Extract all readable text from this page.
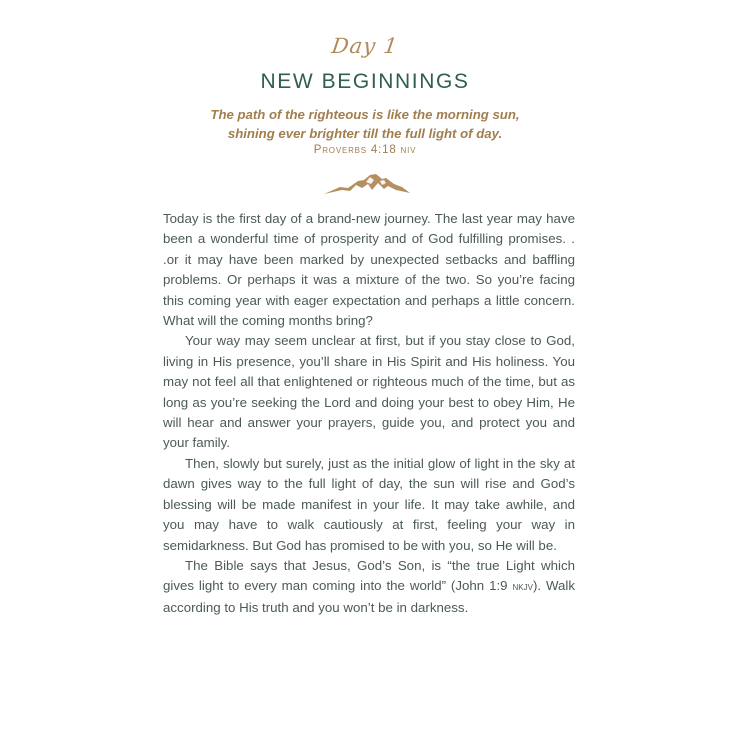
Day 1
NEW BEGINNINGS
The path of the righteous is like the morning sun,
shining ever brighter till the full light of day.
Proverbs 4:18 niv

Today is the first day of a brand-new journey. The last year may have been a wonderful time of prosperity and of God fulfilling promises. . .or it may have been marked by unexpected setbacks and baffling problems. Or perhaps it was a mixture of the two. So you’re facing this coming year with eager expectation and perhaps a little concern. What will the coming months bring?

Your way may seem unclear at first, but if you stay close to God, living in His presence, you’ll share in His Spirit and His holiness. You may not feel all that enlightened or righteous much of the time, but as long as you’re seeking the Lord and doing your best to obey Him, He will hear and answer your prayers, guide you, and protect you and your family.

Then, slowly but surely, just as the initial glow of light in the sky at dawn gives way to the full light of day, the sun will rise and God’s blessing will be made manifest in your life. It may take awhile, and you may have to walk cautiously at first, feeling your way in semidarkness. But God has promised to be with you, so He will be.

The Bible says that Jesus, God’s Son, is “the true Light which gives light to every man coming into the world” (John 1:9 nkjv). Walk according to His truth and you won’t be in darkness.
